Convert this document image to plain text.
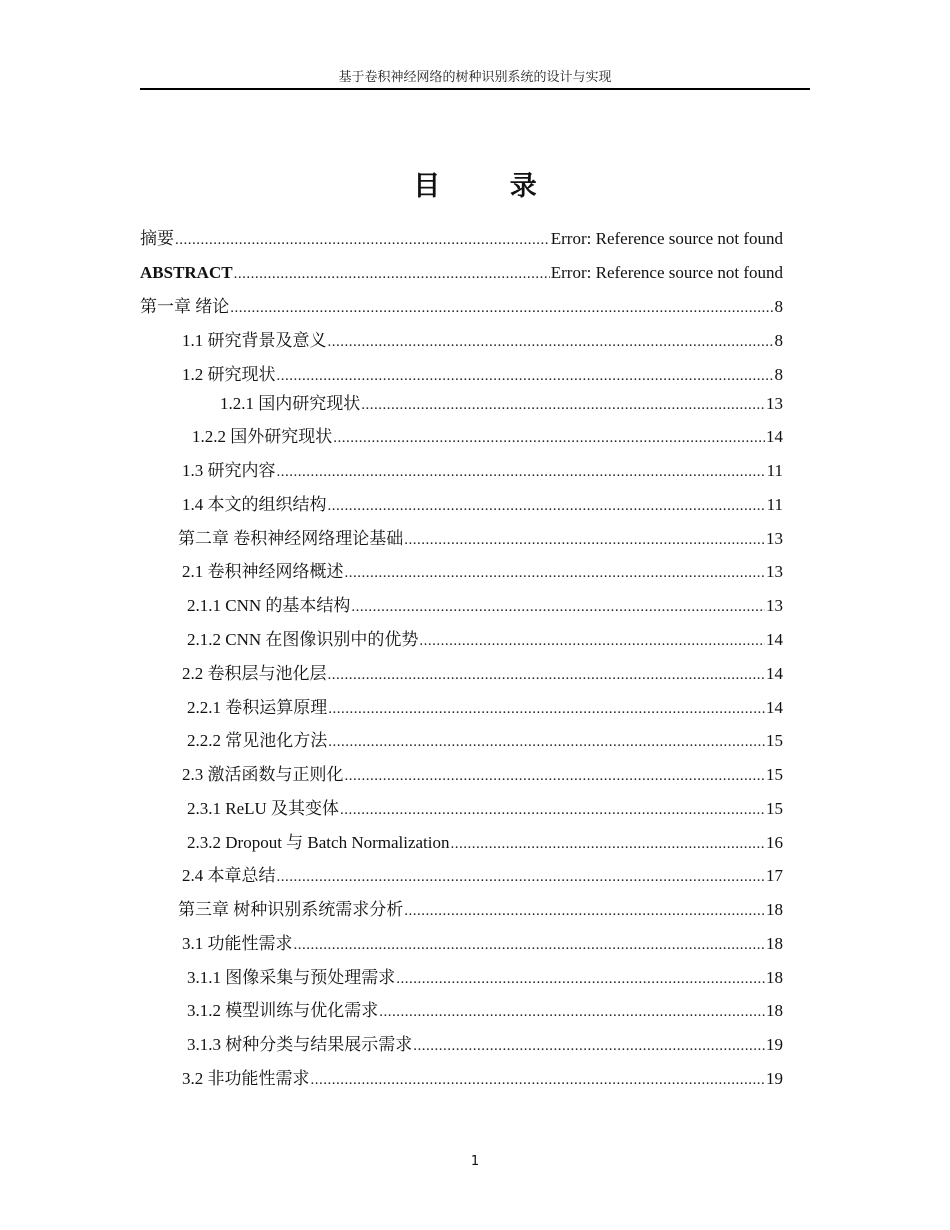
基于卷积神经网络的树种识别系统的设计与实现
目 录
摘要 .....	Error: Reference source not found
ABSTRACT .....	Error: Reference source not found
第一章 绪论 .....	8
1.1 研究背景及意义 .....	8
1.2 研究现状 .....	8
1.2.1 国内研究现状 .....	13
1.2.2 国外研究现状 .....	14
1.3 研究内容 .....	11
1.4 本文的组织结构 .....	11
第二章 卷积神经网络理论基础 .....	13
2.1 卷积神经网络概述 .....	13
2.1.1 CNN 的基本结构 .....	13
2.1.2 CNN 在图像识别中的优势 .....	14
2.2 卷积层与池化层 .....	14
2.2.1 卷积运算原理 .....	14
2.2.2 常见池化方法 .....	15
2.3 激活函数与正则化 .....	15
2.3.1 ReLU 及其变体 .....	15
2.3.2 Dropout 与 Batch Normalization .....	16
2.4 本章总结 .....	17
第三章 树种识别系统需求分析 .....	18
3.1 功能性需求 .....	18
3.1.1 图像采集与预处理需求 .....	18
3.1.2 模型训练与优化需求 .....	18
3.1.3 树种分类与结果展示需求 .....	19
3.2 非功能性需求 .....	19
1
